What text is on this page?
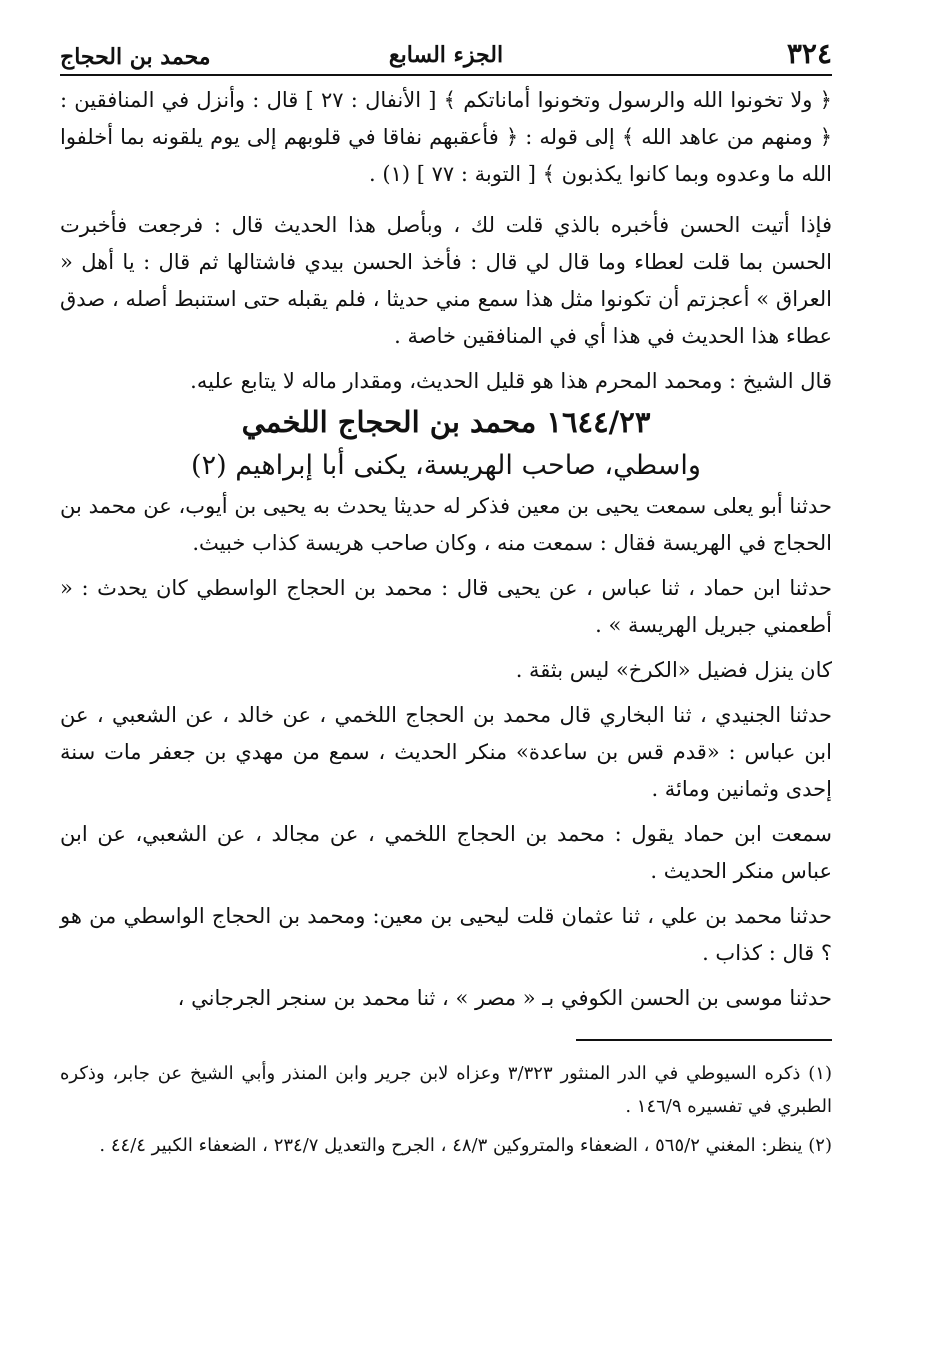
٣٢٤
الجزء السابع
محمد بن الحجاج

﴿ ولا تخونوا الله والرسول وتخونوا أماناتكم ﴾ [ الأنفال : ٢٧ ] قال : وأنزل في المنافقين : ﴿ ومنهم من عاهد الله ﴾ إلى قوله : ﴿ فأعقبهم نفاقا في قلوبهم إلى يوم يلقونه بما أخلفوا الله ما وعدوه وبما كانوا يكذبون ﴾ [ التوبة : ٧٧ ] (١) .

فإذا أتيت الحسن فأخبره بالذي قلت لك ، وبأصل هذا الحديث قال : فرجعت فأخبرت الحسن بما قلت لعطاء وما قال لي قال : فأخذ الحسن بيدي فاشتالها ثم قال : يا أهل « العراق » أعجزتم أن تكونوا مثل هذا سمع مني حديثا ، فلم يقبله حتى استنبط أصله ، صدق عطاء هذا الحديث في هذا أي في المنافقين خاصة .

قال الشيخ : ومحمد المحرم هذا هو قليل الحديث، ومقدار ماله لا يتابع عليه.

١٦٤٤/٢٣ محمد بن الحجاج اللخمي

واسطي، صاحب الهريسة، يكنى أبا إبراهيم (٢)

حدثنا أبو يعلى سمعت يحيى بن معين فذكر له حديثا يحدث به يحيى بن أيوب، عن محمد بن الحجاج في الهريسة فقال : سمعت منه ، وكان صاحب هريسة كذاب خبيث.

حدثنا ابن حماد ، ثنا عباس ، عن يحيى قال : محمد بن الحجاج الواسطي كان يحدث : « أطعمني جبريل الهريسة » .

كان ينزل فضيل «الكرخ» ليس بثقة .

حدثنا الجنيدي ، ثنا البخاري قال محمد بن الحجاج اللخمي ، عن خالد ، عن الشعبي ، عن ابن عباس : «قدم قس بن ساعدة» منكر الحديث ، سمع من مهدي بن جعفر مات سنة إحدى وثمانين ومائة .

سمعت ابن حماد يقول : محمد بن الحجاج اللخمي ، عن مجالد ، عن الشعبي، عن ابن عباس منكر الحديث .

حدثنا محمد بن علي ، ثنا عثمان قلت ليحيى بن معين: ومحمد بن الحجاج الواسطي من هو ؟ قال : كذاب .

حدثنا موسى بن الحسن الكوفي بـ « مصر » ، ثنا محمد بن سنجر الجرجاني ،

(١) ذكره السيوطي في الدر المنثور ٣/٣٢٣ وعزاه لابن جرير وابن المنذر وأبي الشيخ عن جابر، وذكره الطبري في تفسيره ١٤٦/٩ .

(٢) ينظر: المغني ٥٦٥/٢ ، الضعفاء والمتروكين ٤٨/٣ ، الجرح والتعديل ٢٣٤/٧ ، الضعفاء الكبير ٤٤/٤ .
